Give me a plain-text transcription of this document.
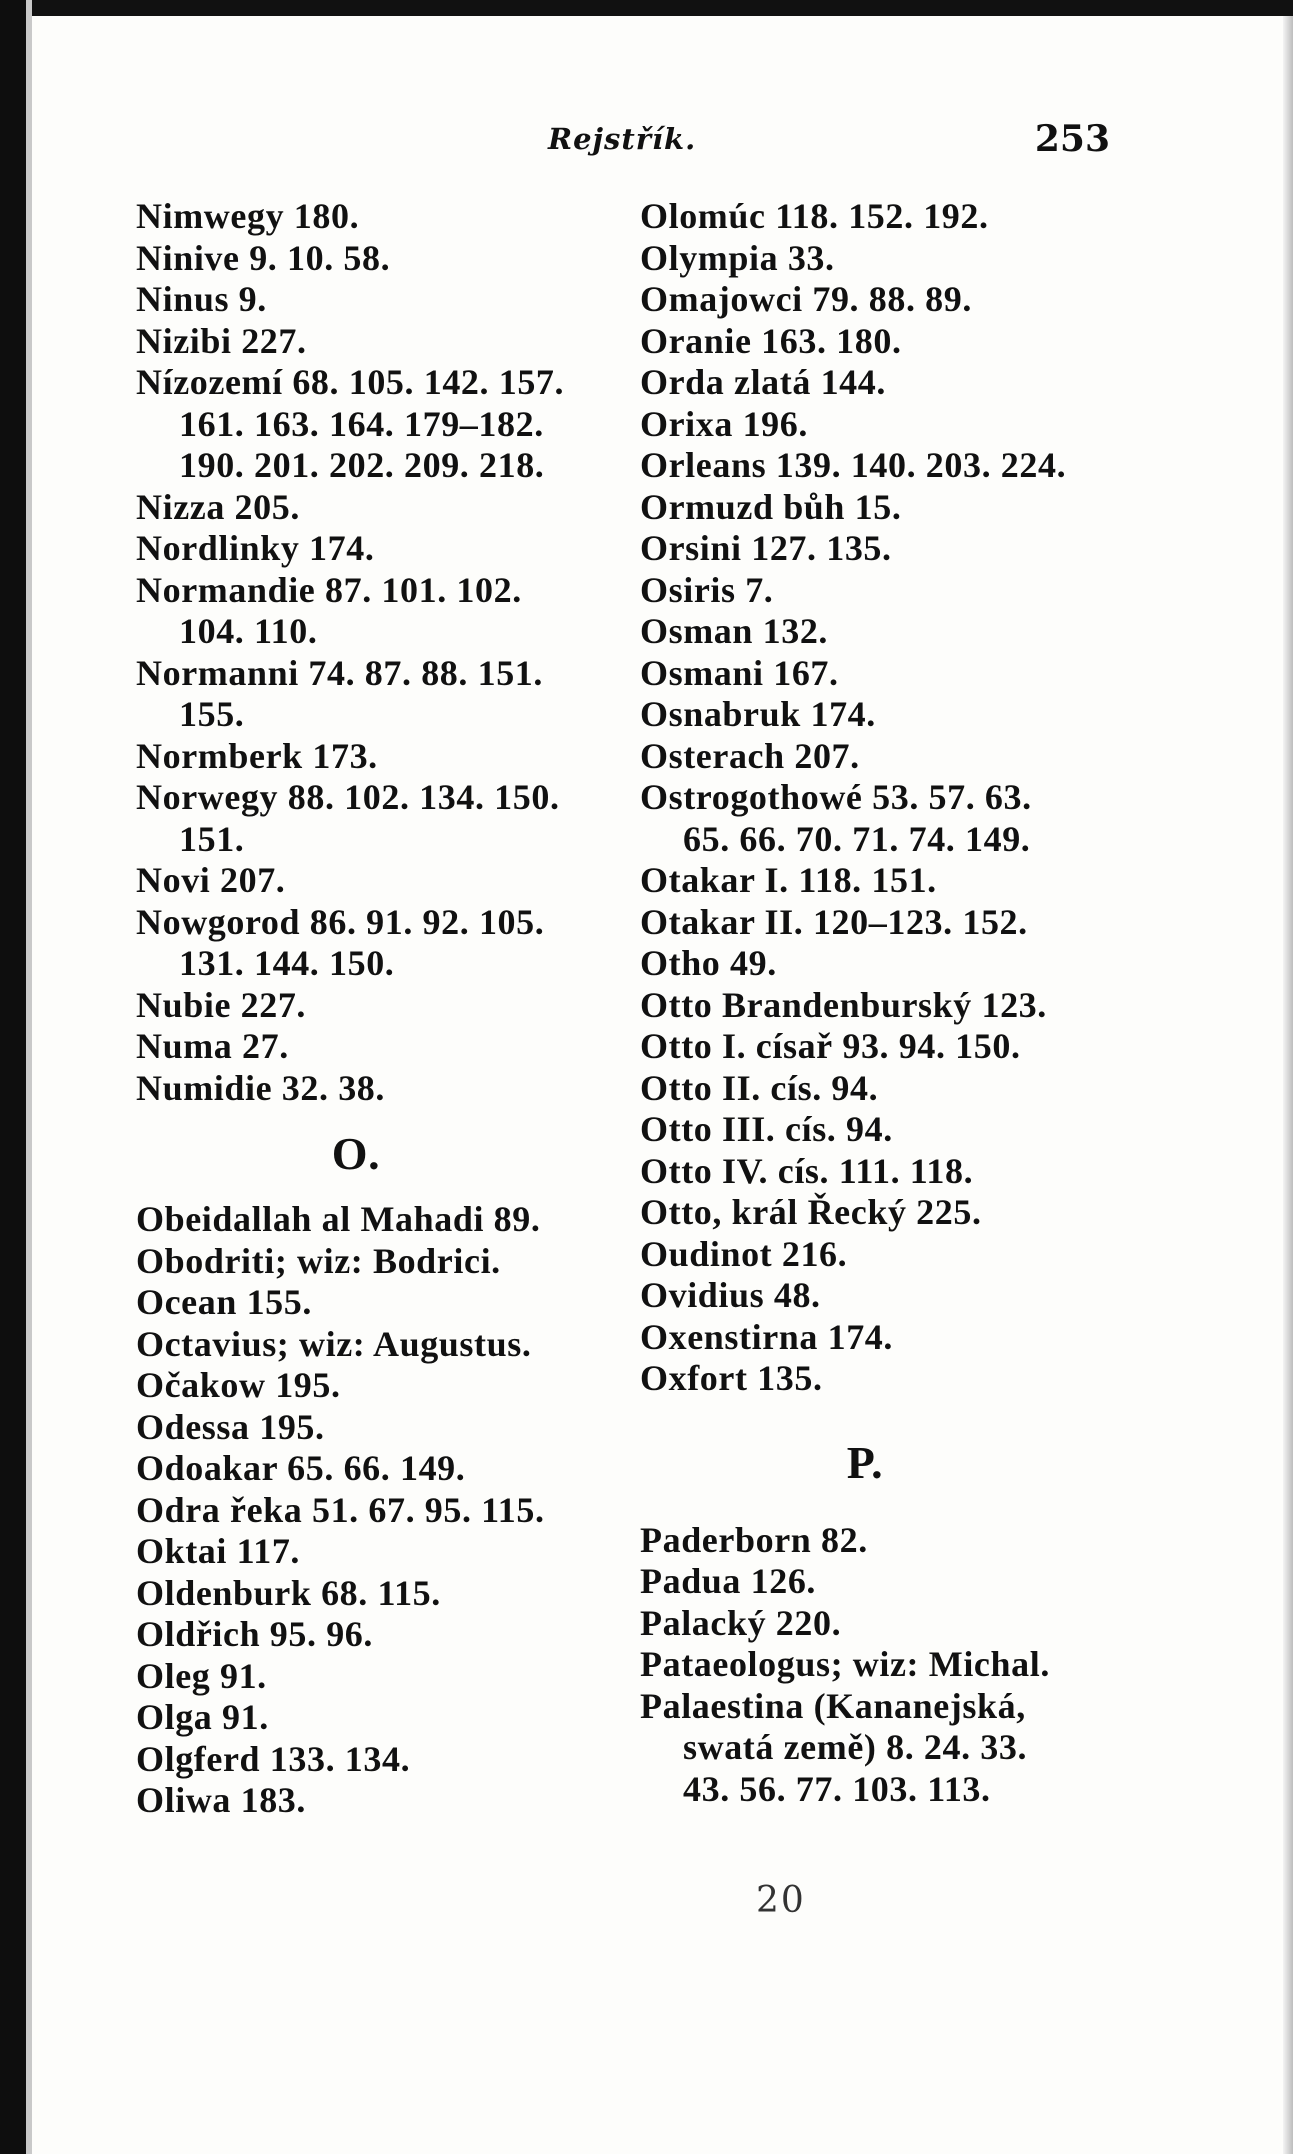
Rejstřík.	253
Nimwegy 180.
Ninive 9. 10. 58.
Ninus 9.
Nizibi 227.
Nízozemí 68. 105. 142. 157.
161. 163. 164. 179–182.
190. 201. 202. 209. 218.
Nizza 205.
Nordlinky 174.
Normandie 87. 101. 102.
104. 110.
Normanni 74. 87. 88. 151.
155.
Normberk 173.
Norwegy 88. 102. 134. 150.
151.
Novi 207.
Nowgorod 86. 91. 92. 105.
131. 144. 150.
Nubie 227.
Numa 27.
Numidie 32. 38.
O.
Obeidallah al Mahadi 89.
Obodriti; wiz: Bodrici.
Ocean 155.
Octavius; wiz: Augustus.
Očakow 195.
Odessa 195.
Odoakar 65. 66. 149.
Odra řeka 51. 67. 95. 115.
Oktai 117.
Oldenburk 68. 115.
Oldřich 95. 96.
Oleg 91.
Olga 91.
Olgferd 133. 134.
Oliwa 183.
Olomúc 118. 152. 192.
Olympia 33.
Omajowci 79. 88. 89.
Oranie 163. 180.
Orda zlatá 144.
Orixa 196.
Orleans 139. 140. 203. 224.
Ormuzd bůh 15.
Orsini 127. 135.
Osiris 7.
Osman 132.
Osmani 167.
Osnabruk 174.
Osterach 207.
Ostrogothowé 53. 57. 63.
65. 66. 70. 71. 74. 149.
Otakar I. 118. 151.
Otakar II. 120–123. 152.
Otho 49.
Otto Brandenburský 123.
Otto I. císař 93. 94. 150.
Otto II. cís. 94.
Otto III. cís. 94.
Otto IV. cís. 111. 118.
Otto, král Řecký 225.
Oudinot 216.
Ovidius 48.
Oxenstirna 174.
Oxfort 135.
P.
Paderborn 82.
Padua 126.
Palacký 220.
Pataeologus; wiz: Michal.
Palaestina (Kananejská,
swatá země) 8. 24. 33.
43. 56. 77. 103. 113.
20
